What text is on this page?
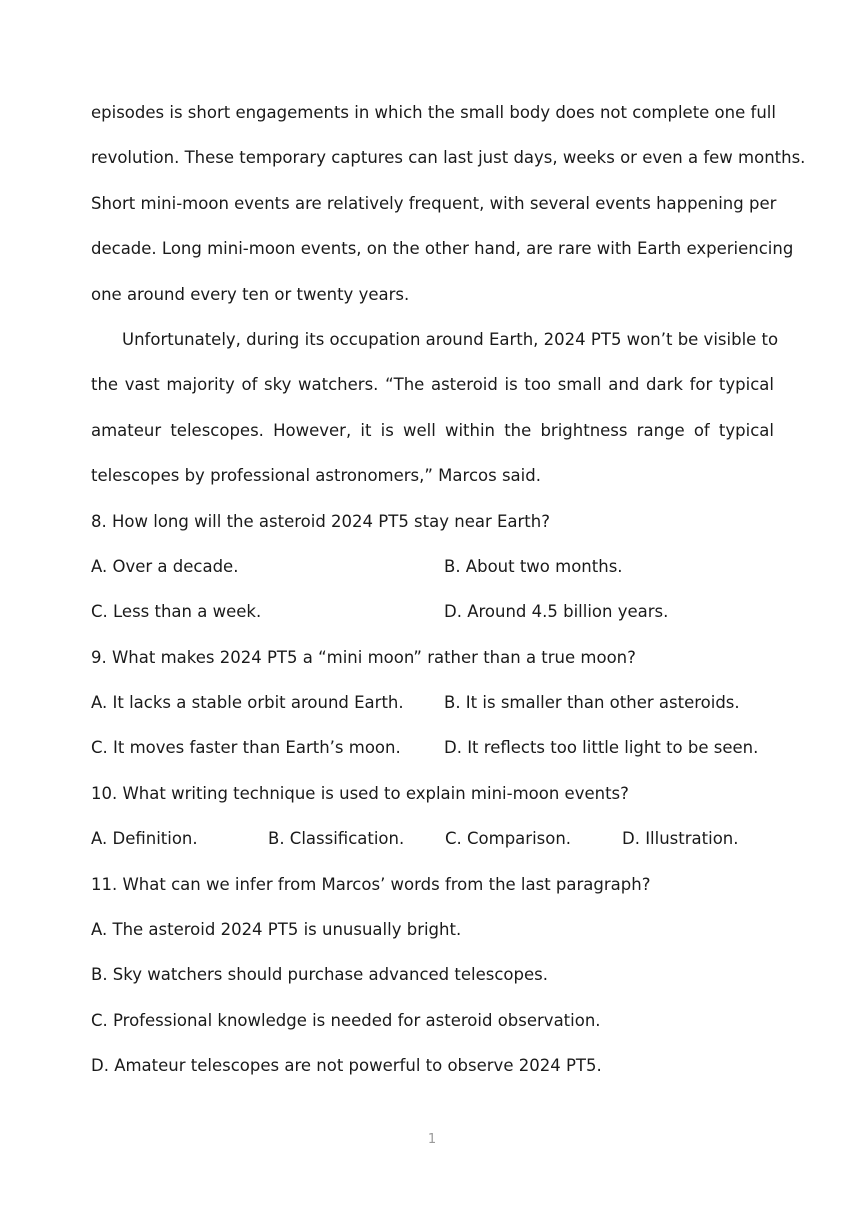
episodes is short engagements in which the small body does not complete one full

revolution. These temporary captures can last just days, weeks or even a few months.

Short mini-moon events are relatively frequent, with several events happening per

decade. Long mini-moon events, on the other hand, are rare with Earth experiencing

one around every ten or twenty years.

Unfortunately, during its occupation around Earth, 2024 PT5 won’t be visible to

the vast majority of sky watchers. “The asteroid is too small and dark for typical

amateur telescopes. However, it is well within the brightness range of typical

telescopes by professional astronomers,” Marcos said.

8. How long will the asteroid 2024 PT5 stay near Earth?
A. Over a decade.	B. About two months.
C. Less than a week.	D. Around 4.5 billion years.
9. What makes 2024 PT5 a “mini moon” rather than a true moon?
A. It lacks a stable orbit around Earth.	B. It is smaller than other asteroids.
C. It moves faster than Earth’s moon.	D. It reflects too little light to be seen.
10. What writing technique is used to explain mini-moon events?
A. Definition.	B. Classification.	C. Comparison.	D. Illustration.
11. What can we infer from Marcos’ words from the last paragraph?
A. The asteroid 2024 PT5 is unusually bright.
B. Sky watchers should purchase advanced telescopes.
C. Professional knowledge is needed for asteroid observation.
D. Amateur telescopes are not powerful to observe 2024 PT5.
1
